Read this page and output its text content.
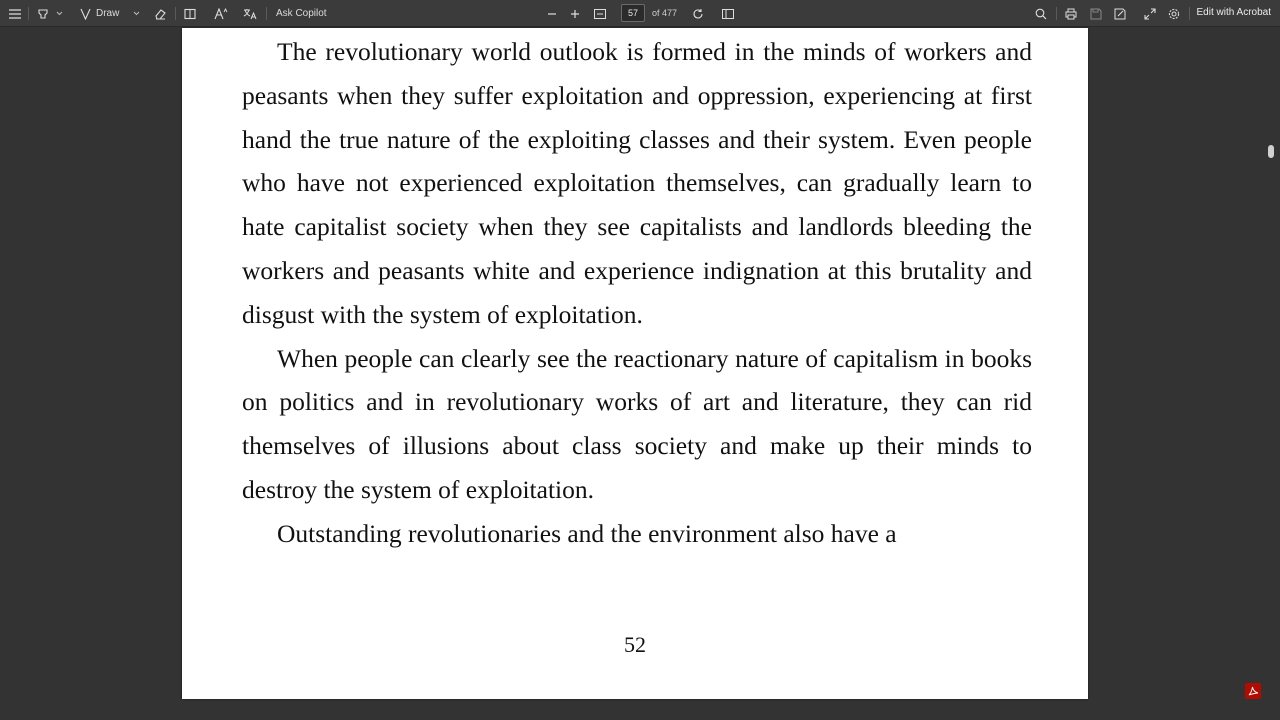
Draw	Ask Copilot	57	of 477	Edit with Acrobat

The revolutionary world outlook is formed in the minds of workers and peasants when they suffer exploitation and oppression, experiencing at first hand the true nature of the exploiting classes and their system. Even people who have not experienced exploitation themselves, can gradually learn to hate capitalist society when they see capitalists and landlords bleeding the workers and peasants white and experience indignation at this brutality and disgust with the system of exploitation.

When people can clearly see the reactionary nature of capitalism in books on politics and in revolutionary works of art and literature, they can rid themselves of illusions about class society and make up their minds to destroy the system of exploitation.

Outstanding revolutionaries and the environment also have a

52
